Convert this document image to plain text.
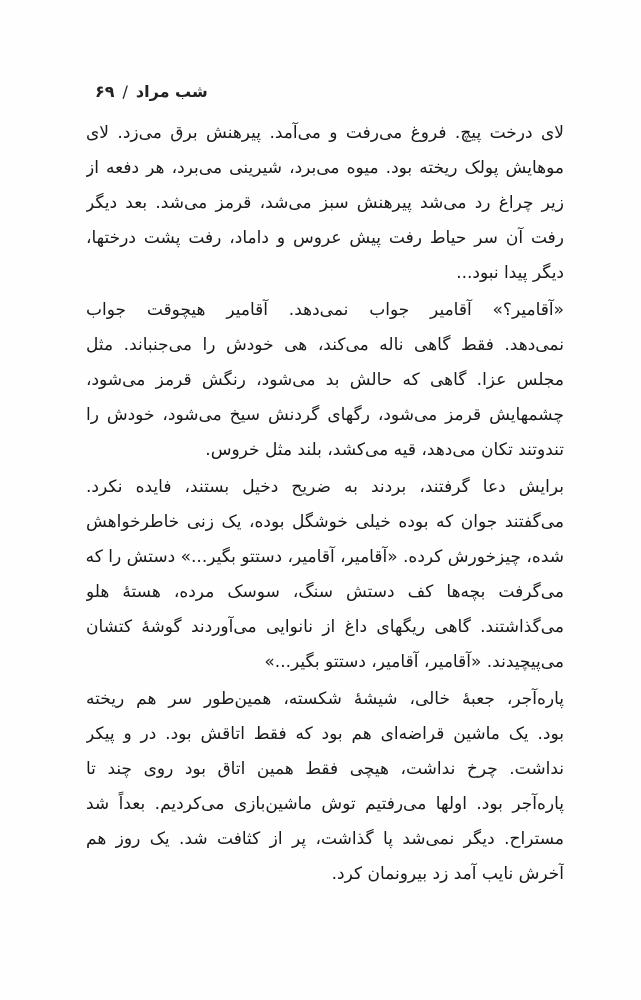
شب مراد
/
۶۹
لای درخت پیچ. فروغ می‌رفت و می‌آمد. پیرهنش برق می‌زد. لای
موهایش پولک ریخته بود. میوه می‌برد، شیرینی می‌برد، هر دفعه از
زیر چراغ رد می‌شد پیرهنش سبز می‌شد، قرمز می‌شد. بعد دیگر
رفت آن سر حیاط رفت پیش عروس و داماد، رفت پشت درختها،
دیگر پیدا نبود...
«آقامیر؟» آقامیر جواب نمی‌دهد. آقامیر هیچوقت جواب
نمی‌دهد. فقط گاهی ناله می‌کند، هی خودش را می‌جنباند. مثل
مجلس عزا. گاهی که حالش بد می‌شود، رنگش قرمز می‌شود،
چشمهایش قرمز می‌شود، رگهای گردنش سیخ می‌شود، خودش را
تندوتند تکان می‌دهد، قیه می‌کشد، بلند مثل خروس.
برایش دعا گرفتند، بردند به ضریح دخیل بستند، فایده نکرد.
می‌گفتند جوان که بوده خیلی خوشگل بوده، یک زنی خاطرخواهش
شده، چیزخورش کرده. «آقامیر، آقامیر، دستتو بگیر...» دستش را که
می‌گرفت بچه‌ها کف دستش سنگ، سوسک مرده، هستهٔ هلو
می‌گذاشتند. گاهی ریگهای داغ از نانوایی می‌آوردند گوشهٔ کتشان
می‌پیچیدند. «آقامیر، آقامیر، دستتو بگیر...»
پاره‌آجر، جعبهٔ خالی، شیشهٔ شکسته، همین‌طور سر هم ریخته
بود. یک ماشین قراضه‌ای هم بود که فقط اتاقش بود. در و پیکر
نداشت. چرخ نداشت، هیچی فقط همین اتاق بود روی چند تا
پاره‌آجر بود. اولها می‌رفتیم توش ماشین‌بازی می‌کردیم. بعداً شد
مستراح. دیگر نمی‌شد پا گذاشت، پر از کثافت شد. یک روز هم
آخرش نایب آمد زد بیرونمان کرد.
